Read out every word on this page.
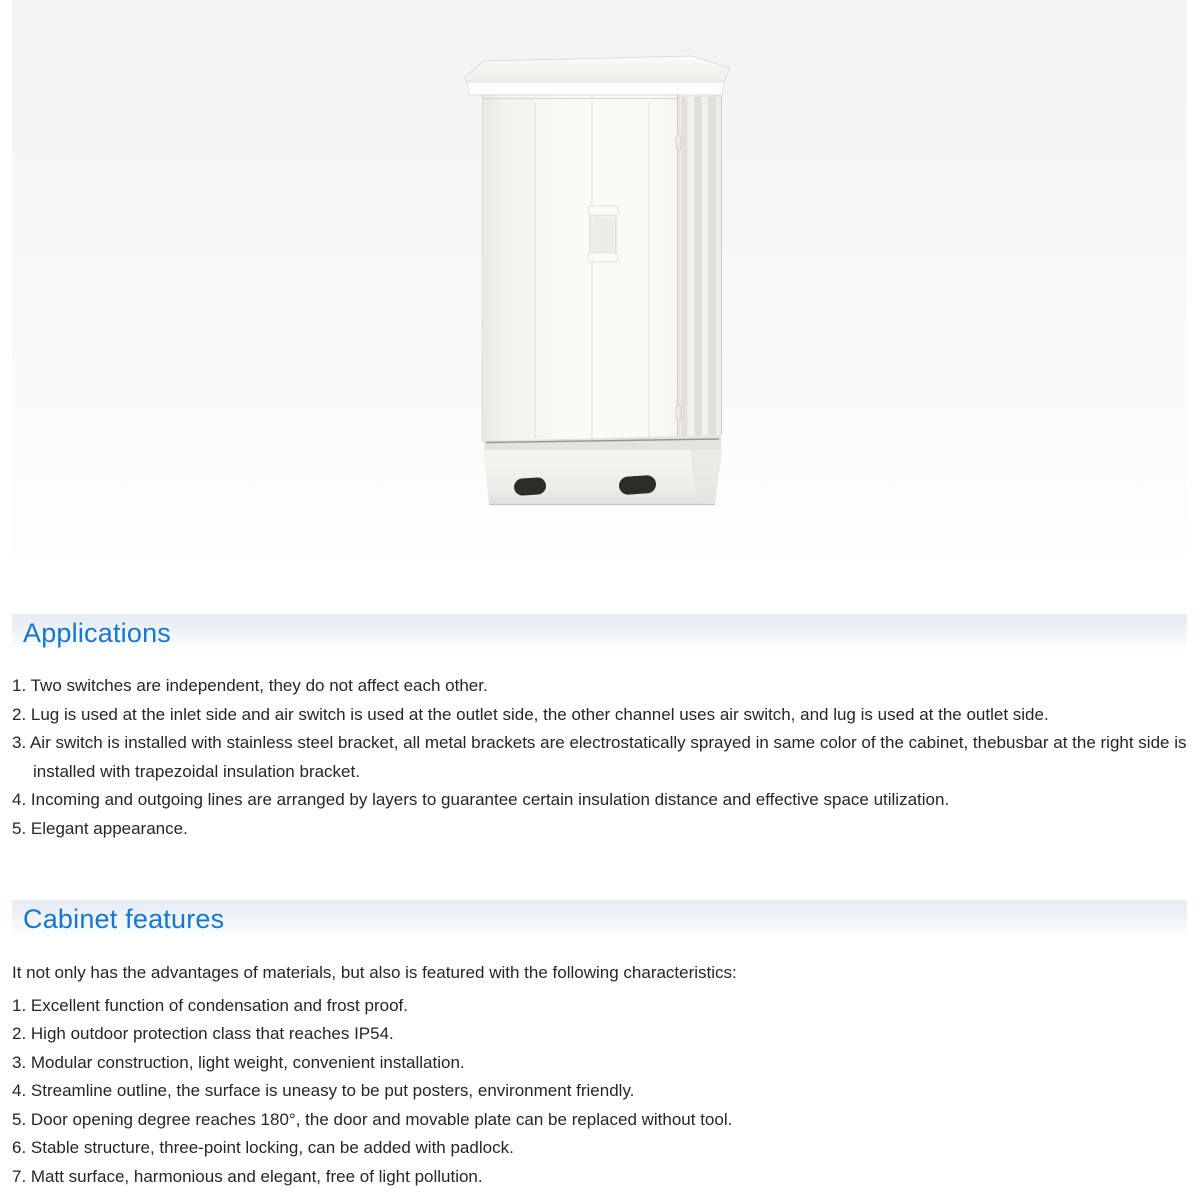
Applications
1. Two switches are independent, they do not affect each other.
2. Lug is used at the inlet side and air switch is used at the outlet side, the other channel uses air switch, and lug is used at the outlet side.
3. Air switch is installed with stainless steel bracket, all metal brackets are electrostatically sprayed in same color of the cabinet, thebusbar at the right side is installed with trapezoidal insulation bracket.
4. Incoming and outgoing lines are arranged by layers to guarantee certain insulation distance and effective space utilization.
5. Elegant appearance.
Cabinet features
It not only has the advantages of materials, but also is featured with the following characteristics:
1. Excellent function of condensation and frost proof.
2. High outdoor protection class that reaches IP54.
3. Modular construction, light weight, convenient installation.
4. Streamline outline, the surface is uneasy to be put posters, environment friendly.
5. Door opening degree reaches 180°, the door and movable plate can be replaced without tool.
6. Stable structure, three-point locking, can be added with padlock.
7. Matt surface, harmonious and elegant, free of light pollution.
